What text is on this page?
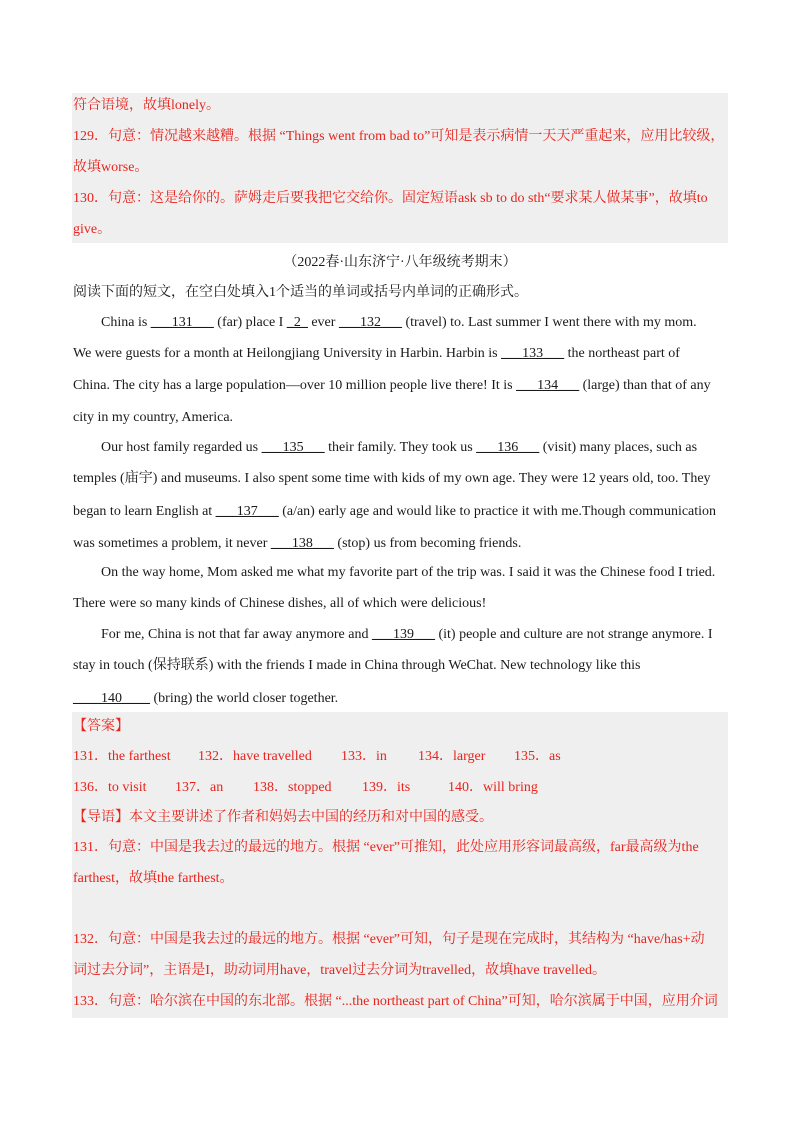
符合语境，故填lonely。
129．句意：情况越来越糟。根据 “Things went from bad to”可知是表示病情一天天严重起来，应用比较级，
故填worse。
130．句意：这是给你的。萨姆走后要我把它交给你。固定短语ask sb to do sth“要求某人做某事”，故填to
give。
（2022春·山东济宁·八年级统考期末）
阅读下面的短文，在空白处填入1个适当的单词或括号内单词的正确形式。
China is ___131___ (far) place I _2_ ever ___132___ (travel) to. Last summer I went there with my mom.
We were guests for a month at Heilongjiang University in Harbin. Harbin is ___133___ the northeast part of
China. The city has a large population—over 10 million people live there! It is ___134___ (large) than that of any
city in my country, America.
Our host family regarded us ___135___ their family. They took us ___136___ (visit) many places, such as
temples (庙宇) and museums. I also spent some time with kids of my own age. They were 12 years old, too. They
began to learn English at ___137___ (a/an) early age and would like to practice it with me.Though communication
was sometimes a problem, it never ___138___ (stop) us from becoming friends.
On the way home, Mom asked me what my favorite part of the trip was. I said it was the Chinese food I tried.
There were so many kinds of Chinese dishes, all of which were delicious!
For me, China is not that far away anymore and ___139___ (it) people and culture are not strange anymore. I
stay in touch (保持联系) with the friends I made in China through WeChat. New technology like this
____140____ (bring) the world closer together.
【答案】
131．the farthest 132．have travelled 133．in 134．larger 135．as
136．to visit 137．an 138．stopped 139．its	140．will bring
【导语】本文主要讲述了作者和妈妈去中国的经历和对中国的感受。
131．句意：中国是我去过的最远的地方。根据 “ever”可推知，此处应用形容词最高级，far最高级为the
farthest，故填the farthest。
132．句意：中国是我去过的最远的地方。根据 “ever”可知，句子是现在完成时，其结构为 “have/has+动
词过去分词”，主语是I，助动词用have，travel过去分词为travelled，故填have travelled。
133．句意：哈尔滨在中国的东北部。根据 “...the northeast part of China”可知，哈尔滨属于中国，应用介词
